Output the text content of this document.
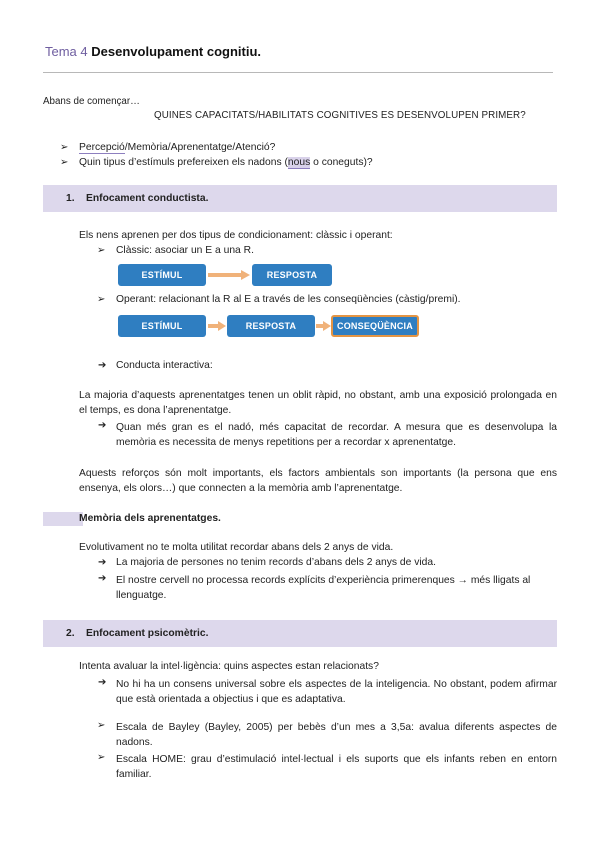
Tema 4 Desenvolupament cognitiu.
Abans de començar…
QUINES CAPACITATS/HABILITATS COGNITIVES ES DESENVOLUPEN PRIMER?
➢ Percepció/Memòria/Aprenentatge/Atenció?
➢ Quin tipus d’estímuls prefereixen els nadons (nous o coneguts)?
1. Enfocament conductista.
Els nens aprenen per dos tipus de condicionament: clàssic i operant:
➢ Clàssic: asociar un E a una R.
ESTÍMUL	RESPOSTA
➢ Operant: relacionant la R al E a través de les conseqüències (càstig/premi).
ESTÍMUL	RESPOSTA	CONSEQÜÈNCIA
➔ Conducta interactiva:
La majoria d’aquests aprenentatges tenen un oblit ràpid, no obstant, amb una exposició prolongada en el temps, es dona l’aprenentatge.
➔ Quan més gran es el nadó, més capacitat de recordar. A mesura que es desenvolupa la memòria es necessita de menys repetitions per a recordar x aprenentatge.
Aquests reforços són molt importants, els factors ambientals son importants (la persona que ens ensenya, els olors…) que connecten a la memòria amb l’aprenentatge.
Memòria dels aprenentatges.
Evolutivament no te molta utilitat recordar abans dels 2 anys de vida.
➔ La majoria de persones no tenim records d’abans dels 2 anys de vida.
➔ El nostre cervell no processa records explícits d’experiència primerenques → més lligats al llenguatge.
2. Enfocament psicomètric.
Intenta avaluar la intel·ligència: quins aspectes estan relacionats?
➔ No hi ha un consens universal sobre els aspectes de la inteligencia. No obstant, podem afirmar que està orientada a objectius i que es adaptativa.
➢ Escala de Bayley (Bayley, 2005) per bebès d’un mes a 3,5a: avalua diferents aspectes de nadons.
➢ Escala HOME: grau d’estimulació intel·lectual i els suports que els infants reben en entorn familiar.
